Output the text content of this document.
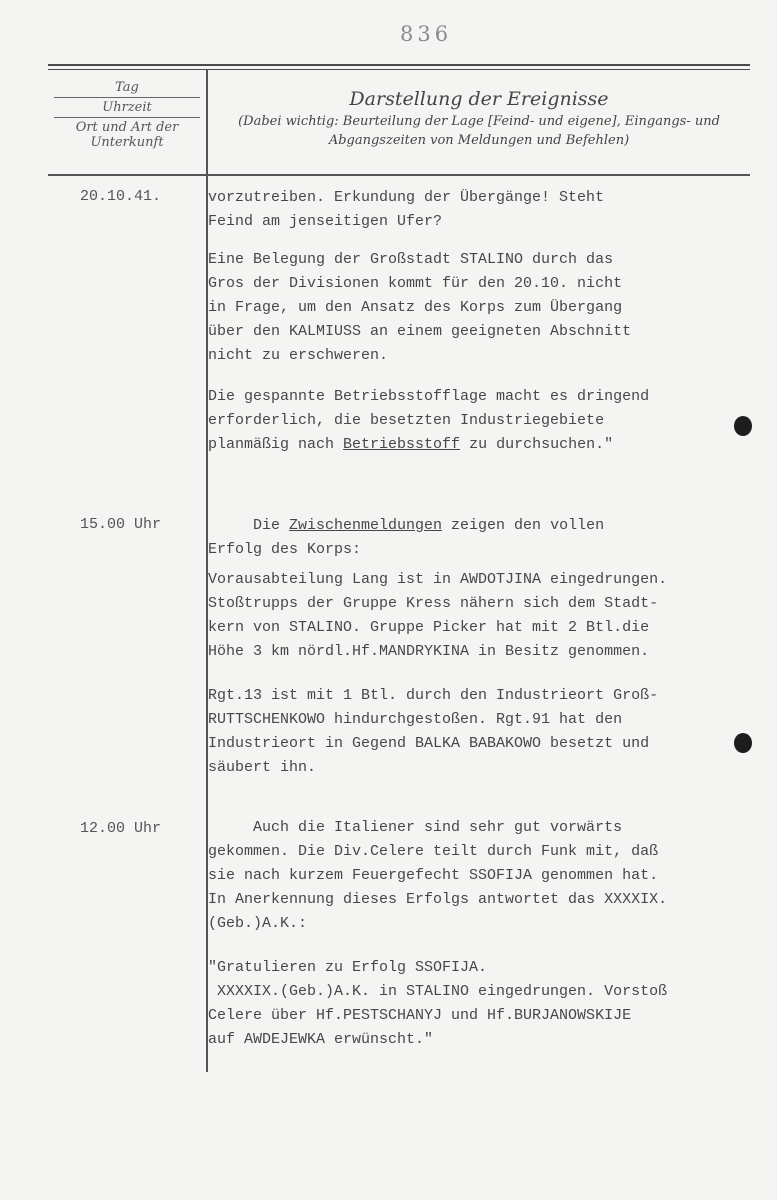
836
Tag
Uhrzeit
Ort und Art der Unterkunft
Darstellung der Ereignisse
(Dabei wichtig: Beurteilung der Lage [Feind- und eigene], Eingangs- und
Abgangszeiten von Meldungen und Befehlen)
20.10.41.	vorzutreiben. Erkundung der Übergänge! Steht
Feind am jenseitigen Ufer?
Eine Belegung der Großstadt STALINO durch das
Gros der Divisionen kommt für den 20.10. nicht
in Frage, um den Ansatz des Korps zum Übergang
über den KALMIUSS an einem geeigneten Abschnitt
nicht zu erschweren.
Die gespannte Betriebsstofflage macht es dringend
erforderlich, die besetzten Industriegebiete
planmäßig nach Betriebsstoff zu durchsuchen."
15.00 Uhr	Die Zwischenmeldungen zeigen den vollen
Erfolg des Korps:
Vorausabteilung Lang ist in AWDOTJINA eingedrungen.
Stoßtrupps der Gruppe Kress nähern sich dem Stadt-
kern von STALINO. Gruppe Picker hat mit 2 Btl.die
Höhe 3 km nördl.Hf.MANDRYKINA in Besitz genommen.
Rgt.13 ist mit 1 Btl. durch den Industrieort Groß-
RUTTSCHENKOWO hindurchgestoßen. Rgt.91 hat den
Industrieort in Gegend BALKA BABAKOWO besetzt und
säubert ihn.
12.00 Uhr	Auch die Italiener sind sehr gut vorwärts
gekommen. Die Div.Celere teilt durch Funk mit, daß
sie nach kurzem Feuergefecht SSOFIJA genommen hat.
In Anerkennung dieses Erfolgs antwortet das XXXXIX.
(Geb.)A.K.:
"Gratulieren zu Erfolg SSOFIJA.
XXXXIX.(Geb.)A.K. in STALINO eingedrungen. Vorstoß
Celere über Hf.PESTSCHANYJ und Hf.BURJANOWSKIJE
auf AWDEJEWKA erwünscht."
